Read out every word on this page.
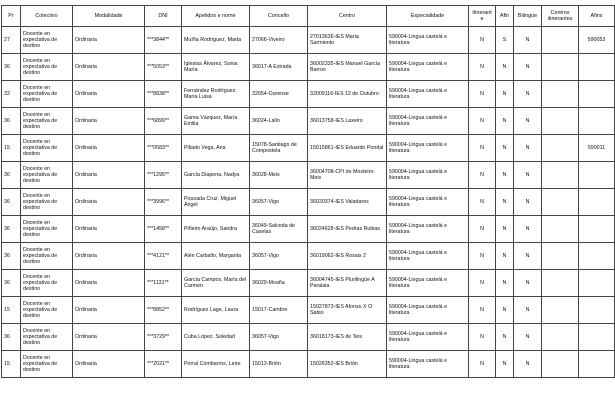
Pr	Colectivo	Modalidade	DNI	Apelidos e nome	Concello	Centro	Especialidade	Itinerante	Afin	Bilingüe	Centros itinerantes	Afins
27	Docente en expectativa de destino	Ordinaria	***3844**	Muíña Rodríguez, Marta	27066-Viveiro	27013636-IES María Sarmiento	590004-Lingua castelá e literatura	N	S	N		590053
36	Docente en expectativa de destino	Ordinaria	***5053**	Iglesias Álvarez, Sonia María	36017-A Estrada	36002335-IES Manuel García Barros	590004-Lingua castelá e literatura	N	N	N		
32	Docente en expectativa de destino	Ordinaria	***8838**	Fernández Rodríguez, María Luisa	32054-Ourense	32009116-IES 12 de Outubro	590004-Lingua castelá e literatura	N	N	N		
36	Docente en expectativa de destino	Ordinaria	***6899**	Garea Vázquez, María Emilia	36024-Lalín	36013758-IES Laxeiro	590004-Lingua castelá e literatura	N	N	N		
15	Docente en expectativa de destino	Ordinaria	***0583**	Piliado Vega, Ana	15078-Santiago de Compostela	15015861-IES Eduardo Pondal	590004-Lingua castelá e literatura	N	N	N		590011
36	Docente en expectativa de destino	Ordinaria	***1295**	García Diapena, Nadya	36028-Meis	36004708-CPI de Mosteiro-Meis	590004-Lingua castelá e literatura	N	N	N		
36	Docente en expectativa de destino	Ordinaria	***3996**	Pousada Cruz, Miguel Ángel	36057-Vigo	36020374-IES Valadares	590004-Lingua castelá e literatura	N	N	N		
36	Docente en expectativa de destino	Ordinaria	***1458**	Piñeiro Araújo, Sandra	36049-Salceda de Caselas	36024628-IES Pedras Rubias	590004-Lingua castelá e literatura	N	N	N		
36	Docente en expectativa de destino	Ordinaria	***4121**	Alén Carballo, Margarita	36057-Vigo	36019062-IES Rosais 2	590004-Lingua castelá e literatura	N	N	N		
36	Docente en expectativa de destino	Ordinaria	***1131**	García Campos, María del Carmen	36029-Moaña	36004745-IES Plurilingüe A Paralaia	590004-Lingua castelá e literatura	N	N	N		
15	Docente en expectativa de destino	Ordinaria	***8852**	Rodríguez Lage, Laura	15017-Cambre	15027873-IES Afonso X O Sabio	590004-Lingua castelá e literatura	N	N	N		
36	Docente en expectativa de destino	Ordinaria	***3729**	Cuba López, Soledad	36057-Vigo	36018173-IES de Teis	590004-Lingua castelá e literatura	N	N	N		
15	Docente en expectativa de destino	Ordinaria	***2021**	Porral Combarros, Leire	15013-Brión	15026352-IES Brión	590004-Lingua castelá e literatura	N	N	N		
